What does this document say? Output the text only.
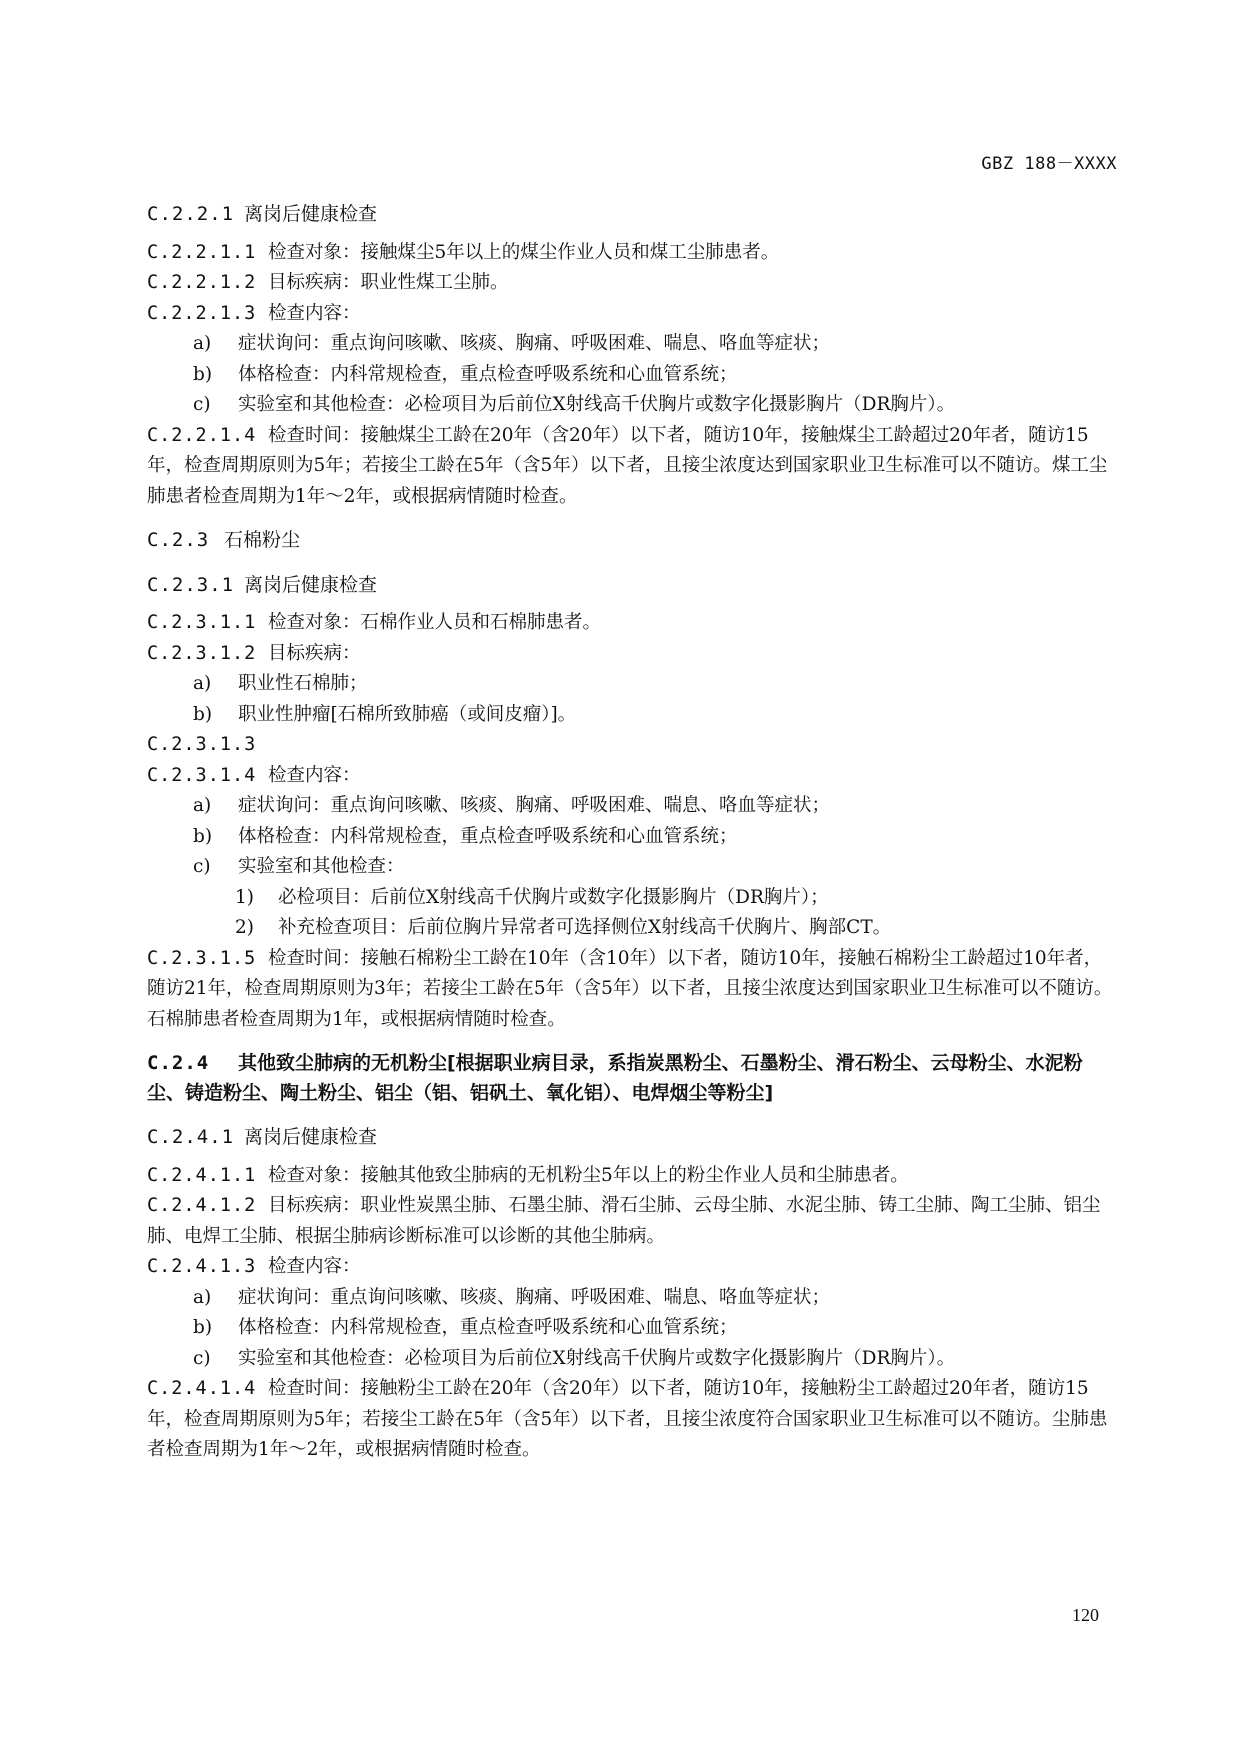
GBZ 188－XXXX
C.2.2.1 离岗后健康检查
C.2.2.1.1 检查对象：接触煤尘5年以上的煤尘作业人员和煤工尘肺患者。
C.2.2.1.2 目标疾病：职业性煤工尘肺。
C.2.2.1.3 检查内容：
a)	症状询问：重点询问咳嗽、咳痰、胸痛、呼吸困难、喘息、咯血等症状；
b)	体格检查：内科常规检查，重点检查呼吸系统和心血管系统；
c)	实验室和其他检查：必检项目为后前位X射线高千伏胸片或数字化摄影胸片（DR胸片）。
C.2.2.1.4 检查时间：接触煤尘工龄在20年（含20年）以下者，随访10年，接触煤尘工龄超过20年者，随访15年，检查周期原则为5年；若接尘工龄在5年（含5年）以下者，且接尘浓度达到国家职业卫生标准可以不随访。煤工尘肺患者检查周期为1年～2年，或根据病情随时检查。
C.2.3 石棉粉尘
C.2.3.1 离岗后健康检查
C.2.3.1.1 检查对象：石棉作业人员和石棉肺患者。
C.2.3.1.2 目标疾病：
a)	职业性石棉肺；
b)	职业性肿瘤[石棉所致肺癌（或间皮瘤）]。
C.2.3.1.3
C.2.3.1.4 检查内容：
a)	症状询问：重点询问咳嗽、咳痰、胸痛、呼吸困难、喘息、咯血等症状；
b)	体格检查：内科常规检查，重点检查呼吸系统和心血管系统；
c)	实验室和其他检查：
1)	必检项目：后前位X射线高千伏胸片或数字化摄影胸片（DR胸片）；
2)	补充检查项目：后前位胸片异常者可选择侧位X射线高千伏胸片、胸部CT。
C.2.3.1.5 检查时间：接触石棉粉尘工龄在10年（含10年）以下者，随访10年，接触石棉粉尘工龄超过10年者，随访21年，检查周期原则为3年；若接尘工龄在5年（含5年）以下者，且接尘浓度达到国家职业卫生标准可以不随访。石棉肺患者检查周期为1年，或根据病情随时检查。
C.2.4 其他致尘肺病的无机粉尘[根据职业病目录，系指炭黑粉尘、石墨粉尘、滑石粉尘、云母粉尘、水泥粉尘、铸造粉尘、陶土粉尘、铝尘（铝、铝矾土、氧化铝）、电焊烟尘等粉尘]
C.2.4.1 离岗后健康检查
C.2.4.1.1 检查对象：接触其他致尘肺病的无机粉尘5年以上的粉尘作业人员和尘肺患者。
C.2.4.1.2 目标疾病：职业性炭黑尘肺、石墨尘肺、滑石尘肺、云母尘肺、水泥尘肺、铸工尘肺、陶工尘肺、铝尘肺、电焊工尘肺、根据尘肺病诊断标准可以诊断的其他尘肺病。
C.2.4.1.3 检查内容：
a)	症状询问：重点询问咳嗽、咳痰、胸痛、呼吸困难、喘息、咯血等症状；
b)	体格检查：内科常规检查，重点检查呼吸系统和心血管系统；
c)	实验室和其他检查：必检项目为后前位X射线高千伏胸片或数字化摄影胸片（DR胸片）。
C.2.4.1.4 检查时间：接触粉尘工龄在20年（含20年）以下者，随访10年，接触粉尘工龄超过20年者，随访15年，检查周期原则为5年；若接尘工龄在5年（含5年）以下者，且接尘浓度符合国家职业卫生标准可以不随访。尘肺患者检查周期为1年～2年，或根据病情随时检查。
120
